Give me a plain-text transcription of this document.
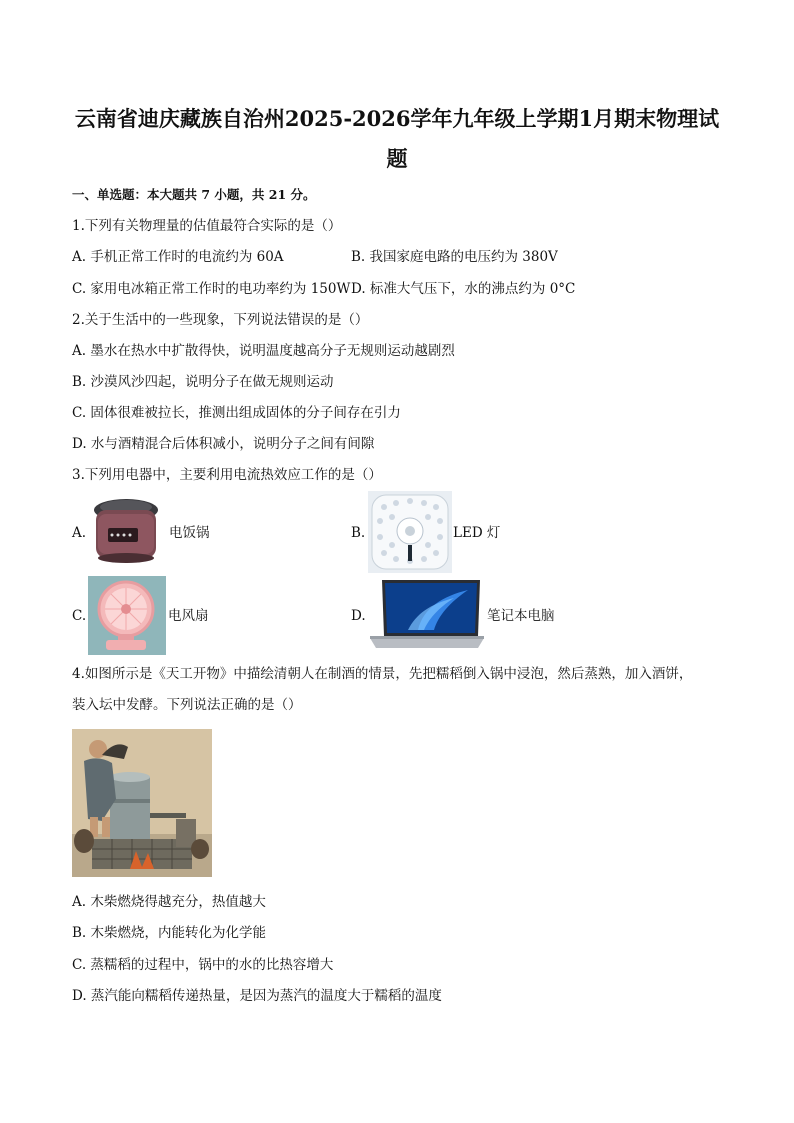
云南省迪庆藏族自治州2025-2026学年九年级上学期1月期末物理试
题
一、单选题：本大题共 7 小题，共 21 分。
1.下列有关物理量的估值最符合实际的是（）
A. 手机正常工作时的电流约为 60A	B. 我国家庭电路的电压约为 380V
C. 家用电冰箱正常工作时的电功率约为 150W D. 标准大气压下，水的沸点约为 0°C
2.关于生活中的一些现象，下列说法错误的是（）
A. 墨水在热水中扩散得快，说明温度越高分子无规则运动越剧烈
B. 沙漠风沙四起，说明分子在做无规则运动
C. 固体很难被拉长，推测出组成固体的分子间存在引力
D. 水与酒精混合后体积减小，说明分子之间有间隙
3.下列用电器中，主要利用电流热效应工作的是（）
A.	电饭锅	B.	LED 灯
C.	电风扇	D.	笔记本电脑
4.如图所示是《天工开物》中描绘清朝人在制酒的情景，先把糯稻倒入锅中浸泡，然后蒸熟，加入酒饼，
装入坛中发酵。下列说法正确的是（）
A. 木柴燃烧得越充分，热值越大
B. 木柴燃烧，内能转化为化学能
C. 蒸糯稻的过程中，锅中的水的比热容增大
D. 蒸汽能向糯稻传递热量，是因为蒸汽的温度大于糯稻的温度
